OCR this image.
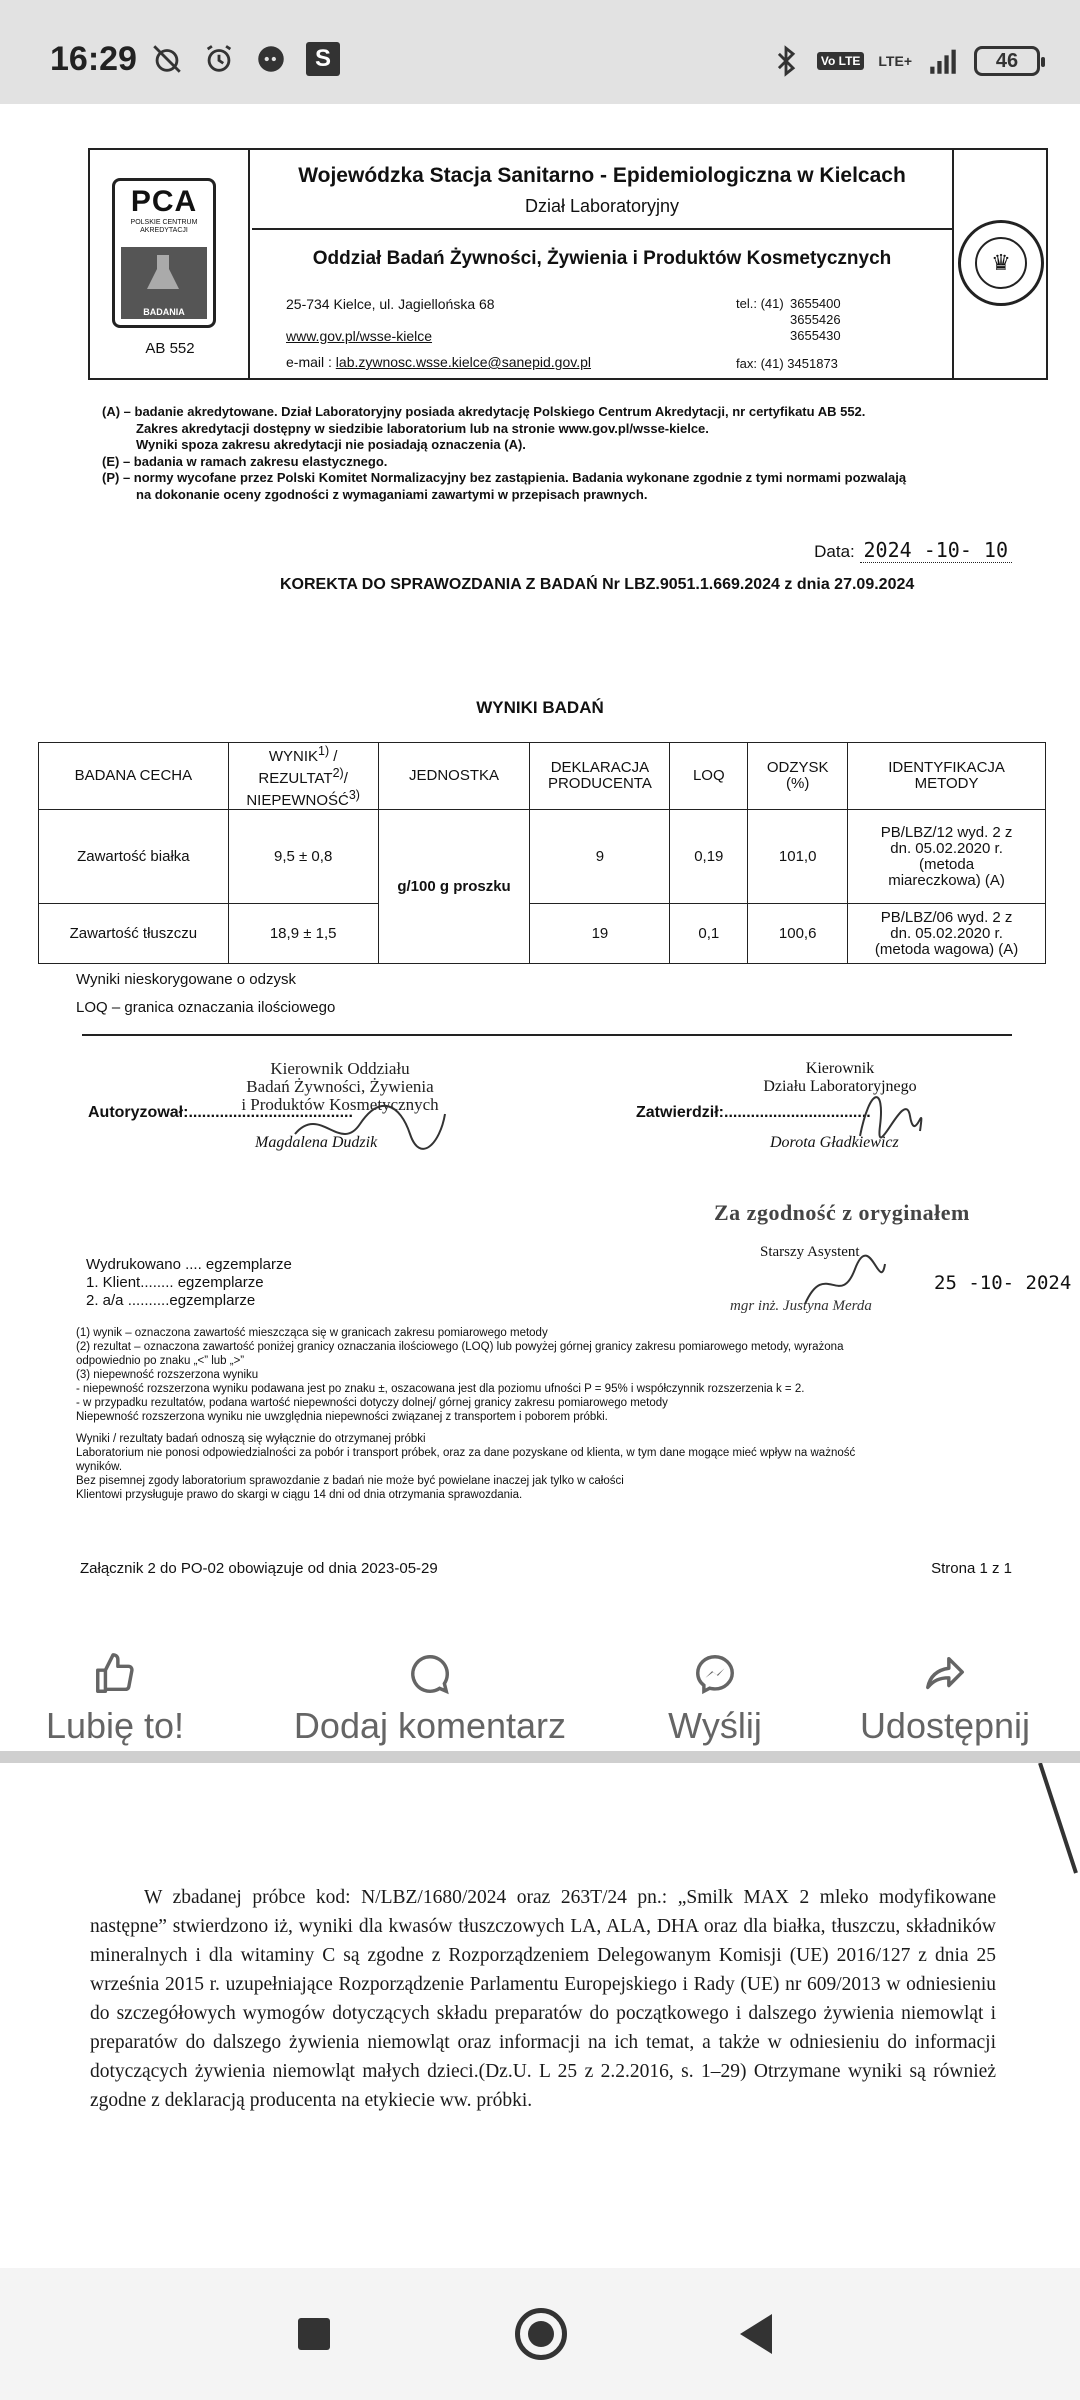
16:29	S	Vo LTE LTE+	46
PCA
POLSKIE CENTRUM
AKREDYTACJI
BADANIA
AB 552
Wojewódzka Stacja Sanitarno - Epidemiologiczna w Kielcach
Dział Laboratoryjny
Oddział Badań Żywności, Żywienia i Produktów Kosmetycznych
25-734 Kielce, ul. Jagiellońska 68
www.gov.pl/wsse-kielce
e-mail : lab.zywnosc.wsse.kielce@sanepid.gov.pl
tel.: (41) 3655400
3655426
3655430
fax: (41) 3451873
♛

(A) – badanie akredytowane. Dział Laboratoryjny posiada akredytację Polskiego Centrum Akredytacji, nr certyfikatu AB 552.

Zakres akredytacji dostępny w siedzibie laboratorium lub na stronie www.gov.pl/wsse-kielce.

Wyniki spoza zakresu akredytacji nie posiadają oznaczenia (A).

(E) – badania w ramach zakresu elastycznego.

(P) – normy wycofane przez Polski Komitet Normalizacyjny bez zastąpienia. Badania wykonane zgodnie z tymi normami pozwalają

na dokonanie oceny zgodności z wymaganiami zawartymi w przepisach prawnych.

Data: 2024 -10- 10
KOREKTA DO SPRAWOZDANIA Z BADAŃ Nr LBZ.9051.1.669.2024 z dnia 27.09.2024
WYNIKI BADAŃ
BADANA CECHA	WYNIK$^{1)}$ /
REZULTAT$^{2)}$/
NIEPEWNOŚĆ$^{3)}$	JEDNOSTKA	DEKLARACJA
PRODUCENTA	LOQ	ODZYSK
(%)	IDENTYFIKACJA
METODY
Zawartość białka	9,5 ± 0,8	g/100 g proszku	9	0,19	101,0	PB/LBZ/12 wyd. 2 z
dn. 05.02.2020 r.
(metoda
miareczkowa) (A)

Zawartość tłuszczu	18,9 ± 1,5		19	0,1	100,6	PB/LBZ/06 wyd. 2 z
dn. 05.02.2020 r.
(metoda wagowa) (A)
Wyniki nieskorygowane o odzysk
LOQ – granica oznaczania ilościowego
Kierownik Oddziału
Badań Żywności, Żywienia
i Produktów Kosmetycznych
Autoryzował:.....................................
Magdalena Dudzik
Kierownik
Działu Laboratoryjnego
Zatwierdził:.................................
Dorota Gładkiewicz
Za zgodność z oryginałem
Starszy Asystent
mgr inż. Justyna Merda
25 -10- 2024
Wydrukowano .... egzemplarze
1. Klient........ egzemplarze
2. a/a ..........egzemplarze
(1) wynik – oznaczona zawartość mieszcząca się w granicach zakresu pomiarowego metody
(2) rezultat – oznaczona zawartość poniżej granicy oznaczania ilościowego (LOQ) lub powyżej górnej granicy zakresu pomiarowego metody, wyrażona
odpowiednio po znaku „<” lub „>”
(3) niepewność rozszerzona wyniku
- niepewność rozszerzona wyniku podawana jest po znaku ±, oszacowana jest dla poziomu ufności P = 95% i współczynnik rozszerzenia k = 2.
- w przypadku rezultatów, podana wartość niepewności dotyczy dolnej/ górnej granicy zakresu pomiarowego metody
Niepewność rozszerzona wyniku nie uwzględnia niepewności związanej z transportem i poborem próbki.
Wyniki / rezultaty badań odnoszą się wyłącznie do otrzymanej próbki
Laboratorium nie ponosi odpowiedzialności za pobór i transport próbek, oraz za dane pozyskane od klienta, w tym dane mogące mieć wpływ na ważność
wyników.
Bez pisemnej zgody laboratorium sprawozdanie z badań nie może być powielane inaczej jak tylko w całości
Klientowi przysługuje prawo do skargi w ciągu 14 dni od dnia otrzymania sprawozdania.
Załącznik 2 do PO-02 obowiązuje od dnia 2023-05-29	Strona 1 z 1
Lubię to!	Dodaj komentarz	Wyślij	Udostępnij
W zbadanej próbce kod: N/LBZ/1680/2024 oraz 263T/24 pn.: „Smilk MAX 2 mleko modyfikowane następne” stwierdzono iż, wyniki dla kwasów tłuszczowych LA, ALA, DHA oraz dla białka, tłuszczu, składników mineralnych i dla witaminy C są zgodne z Rozporządzeniem Delegowanym Komisji (UE) 2016/127 z dnia 25 września 2015 r. uzupełniające Rozporządzenie Parlamentu Europejskiego i Rady (UE) nr 609/2013 w odniesieniu do szczegółowych wymogów dotyczących składu preparatów do początkowego i dalszego żywienia niemowląt i preparatów do dalszego żywienia niemowląt oraz informacji na ich temat, a także w odniesieniu do informacji dotyczących żywienia niemowląt małych dzieci.(Dz.U. L 25 z 2.2.2016, s. 1–29) Otrzymane wyniki są również zgodne z deklaracją producenta na etykiecie ww. próbki.
